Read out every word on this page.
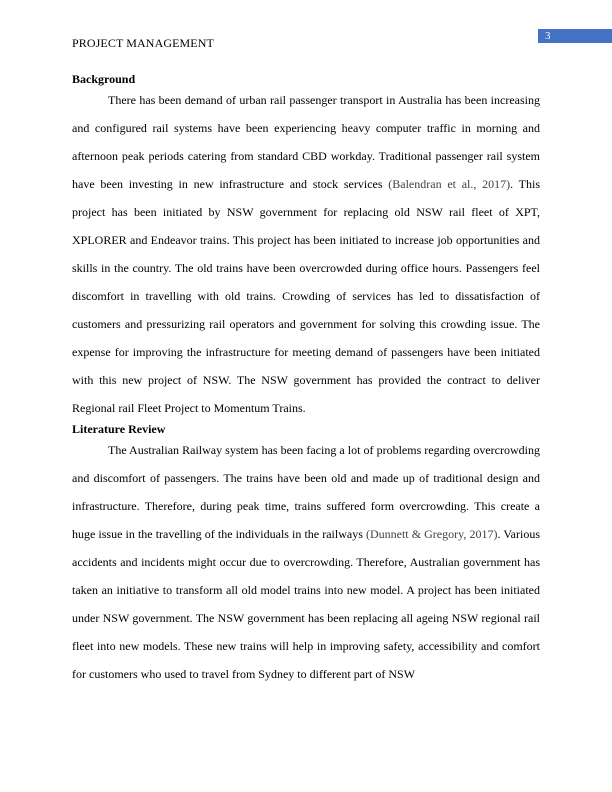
PROJECT MANAGEMENT	3
Background

There has been demand of urban rail passenger transport in Australia has been increasing and configured rail systems have been experiencing heavy computer traffic in morning and afternoon peak periods catering from standard CBD workday. Traditional passenger rail system have been investing in new infrastructure and stock services (Balendran et al., 2017). This project has been initiated by NSW government for replacing old NSW rail fleet of XPT, XPLORER and Endeavor trains. This project has been initiated to increase job opportunities and skills in the country. The old trains have been overcrowded during office hours. Passengers feel discomfort in travelling with old trains. Crowding of services has led to dissatisfaction of customers and pressurizing rail operators and government for solving this crowding issue. The expense for improving the infrastructure for meeting demand of passengers have been initiated with this new project of NSW. The NSW government has provided the contract to deliver Regional rail Fleet Project to Momentum Trains.

Literature Review

The Australian Railway system has been facing a lot of problems regarding overcrowding and discomfort of passengers. The trains have been old and made up of traditional design and infrastructure. Therefore, during peak time, trains suffered form overcrowding. This create a huge issue in the travelling of the individuals in the railways (Dunnett & Gregory, 2017). Various accidents and incidents might occur due to overcrowding. Therefore, Australian government has taken an initiative to transform all old model trains into new model. A project has been initiated under NSW government. The NSW government has been replacing all ageing NSW regional rail fleet into new models. These new trains will help in improving safety, accessibility and comfort for customers who used to travel from Sydney to different part of NSW
